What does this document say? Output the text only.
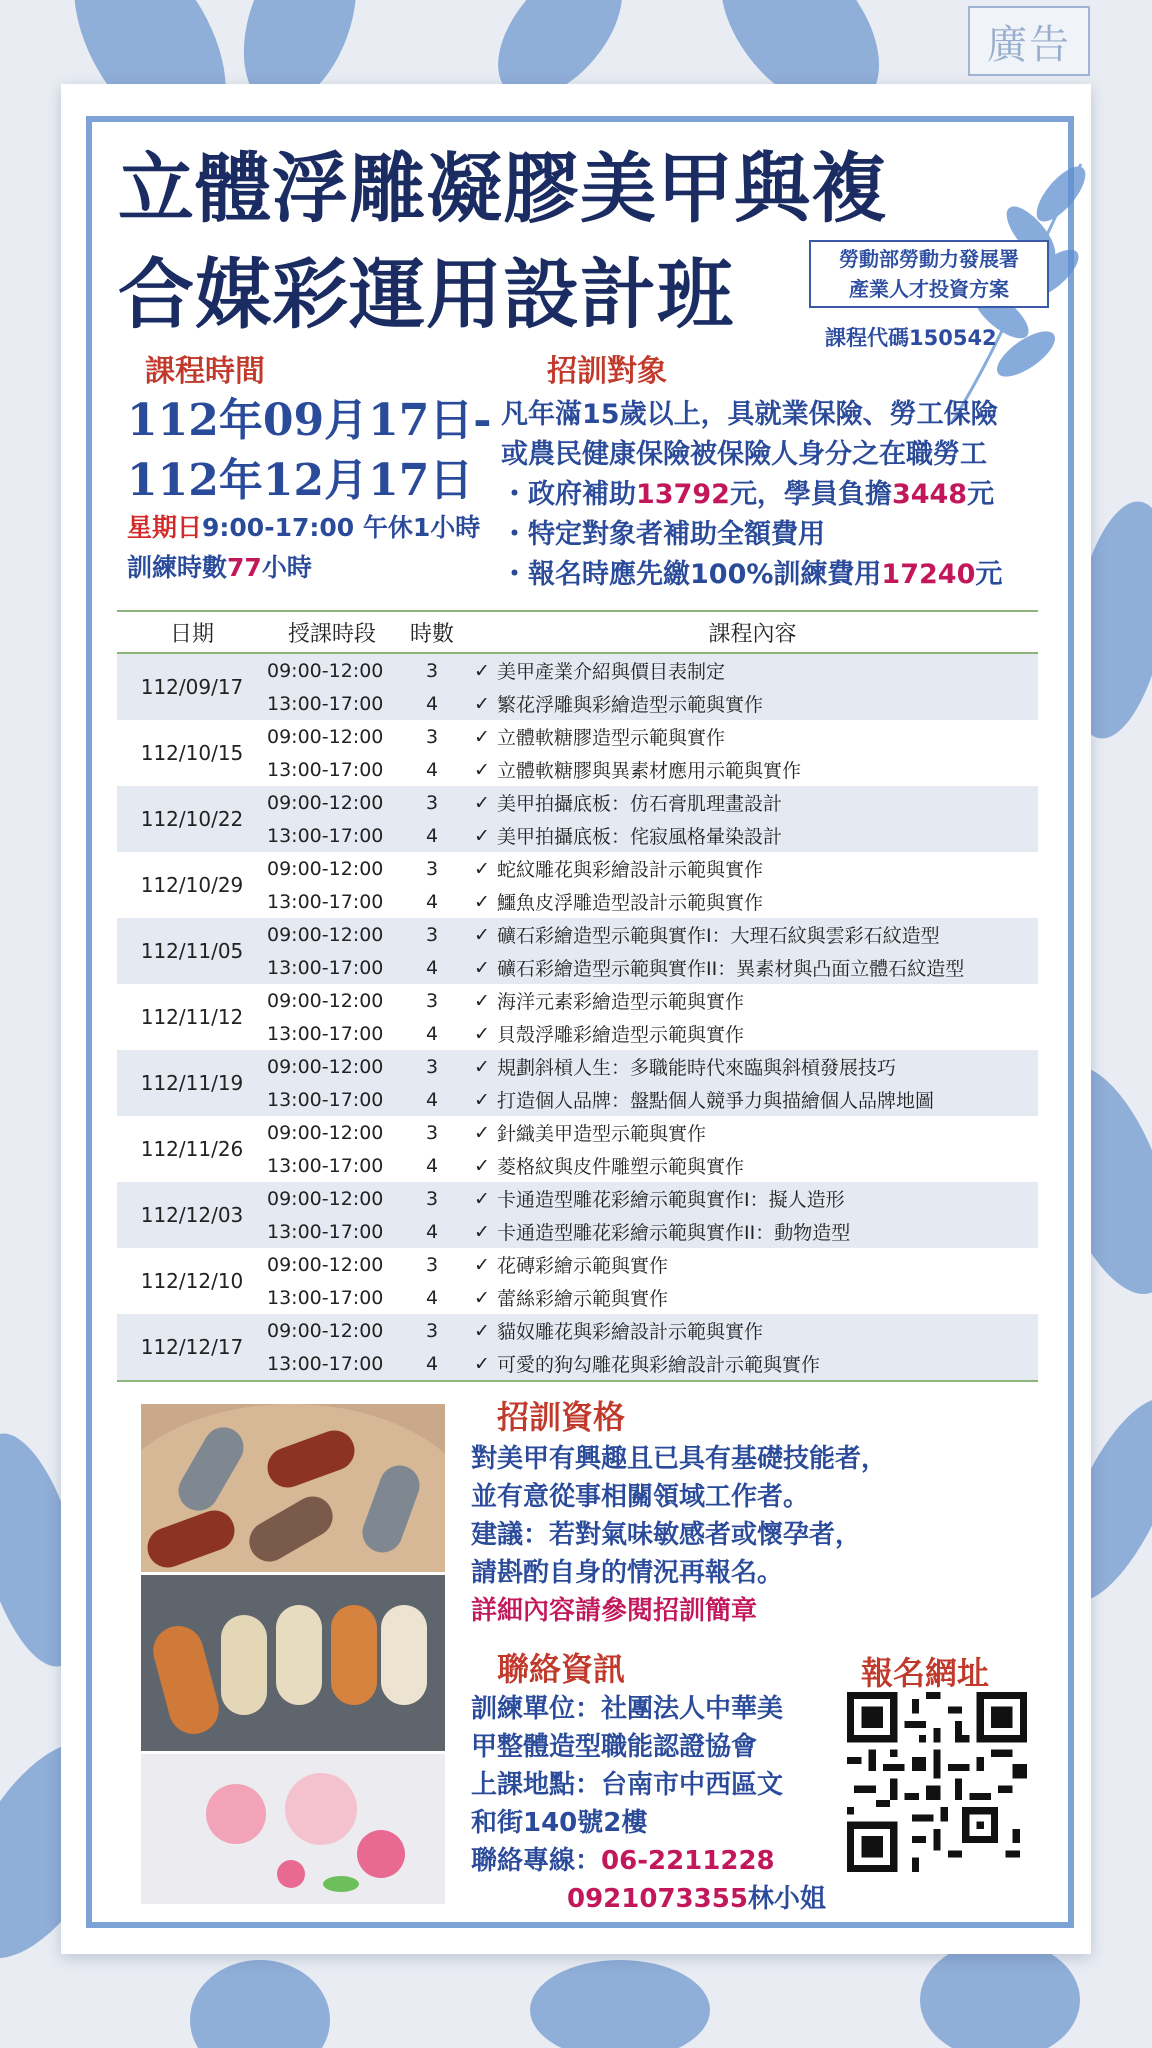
廣告
立體浮雕凝膠美甲與複
合媒彩運用設計班	勞動部勞動力發展署
產業人才投資方案
課程代碼150542
課程時間
112年09月17日-
112年12月17日
星期日9:00-17:00 午休1小時
訓練時數77小時
招訓對象
凡年滿15歲以上，具就業保險、勞工保險
或農民健康保險被保險人身分之在職勞工
・政府補助13792元，學員負擔3448元
・特定對象者補助全額費用
・報名時應先繳100%訓練費用17240元
日期	授課時段	時數	課程內容
112/09/17
09:00-12:00	3	✓ 美甲產業介紹與價目表制定
13:00-17:00	4	✓ 繁花浮雕與彩繪造型示範與實作
112/10/15
09:00-12:00	3	✓ 立體軟糖膠造型示範與實作
13:00-17:00	4	✓ 立體軟糖膠與異素材應用示範與實作
112/10/22
09:00-12:00	3	✓ 美甲拍攝底板：仿石膏肌理畫設計
13:00-17:00	4	✓ 美甲拍攝底板：侘寂風格暈染設計
112/10/29
09:00-12:00	3	✓ 蛇紋雕花與彩繪設計示範與實作
13:00-17:00	4	✓ 鱷魚皮浮雕造型設計示範與實作
112/11/05
09:00-12:00	3	✓ 礦石彩繪造型示範與實作I：大理石紋與雲彩石紋造型
13:00-17:00	4	✓ 礦石彩繪造型示範與實作II：異素材與凸面立體石紋造型
112/11/12
09:00-12:00	3	✓ 海洋元素彩繪造型示範與實作
13:00-17:00	4	✓ 貝殼浮雕彩繪造型示範與實作
112/11/19
09:00-12:00	3	✓ 規劃斜槓人生：多職能時代來臨與斜槓發展技巧
13:00-17:00	4	✓ 打造個人品牌：盤點個人競爭力與描繪個人品牌地圖
112/11/26
09:00-12:00	3	✓ 針織美甲造型示範與實作
13:00-17:00	4	✓ 菱格紋與皮件雕塑示範與實作
112/12/03
09:00-12:00	3	✓ 卡通造型雕花彩繪示範與實作I：擬人造形
13:00-17:00	4	✓ 卡通造型雕花彩繪示範與實作II：動物造型
112/12/10
09:00-12:00	3	✓ 花磚彩繪示範與實作
13:00-17:00	4	✓ 蕾絲彩繪示範與實作
112/12/17
09:00-12:00	3	✓ 貓奴雕花與彩繪設計示範與實作
13:00-17:00	4	✓ 可愛的狗勾雕花與彩繪設計示範與實作
招訓資格
對美甲有興趣且已具有基礎技能者，
並有意從事相關領域工作者。
建議：若對氣味敏感者或懷孕者，
請斟酌自身的情況再報名。
詳細內容請參閱招訓簡章
聯絡資訊
訓練單位：社團法人中華美
甲整體造型職能認證協會
上課地點：台南市中西區文
和街140號2樓
聯絡專線：06-2211228
0921073355林小姐
報名網址
